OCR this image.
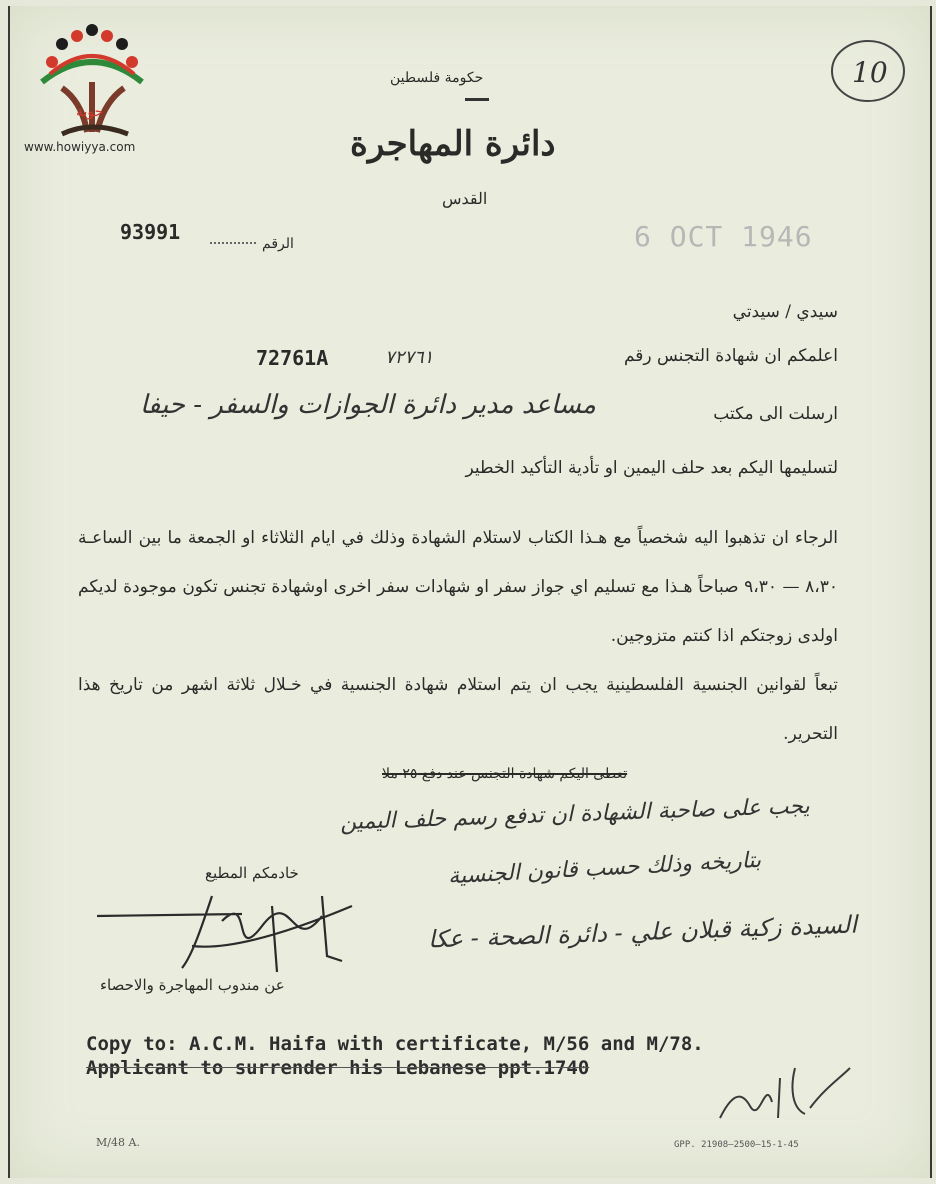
حوية
www.howiyya.com
حكومة فلسطين
دائرة المهاجرة
القدس
93991	الرقم	6 OCT 1946
10
سيدي / سيدتي
اعلمكم ان شهادة التجنس رقم
72761A	٧٢٧٦١
ارسلت الى مكتب
مساعد مدير دائرة الجوازات والسفر - حيفا
لتسليمها اليكم بعد حلف اليمين او تأدية التأكيد الخطير
الرجاء ان تذهبوا اليه شخصياً مع هـذا الكتاب لاستلام الشهادة وذلك في ايام الثلاثاء او الجمعة ما بين الساعـة ٨،٣٠ — ٩،٣٠ صباحاً هـذا مع تسليم اي جواز سفر او شهادات سفر اخرى اوشهادة تجنس تكون موجودة لديكم اولدى زوجتكم اذا كنتم متزوجين.
تبعاً لقوانين الجنسية الفلسطينية يجب ان يتم استلام شهادة الجنسية في خـلال ثلاثة اشهر من تاريخ هذا التحرير.
تعطى اليكم شهادة التجنس عند دفع ٢٥ ملا
يجب على صاحبة الشهادة ان تدفع رسم حلف اليمين
بتاريخه وذلك حسب قانون الجنسية
السيدة زكية قبلان علي - دائرة الصحة - عكا
خادمكم المطيع
عن مندوب المهاجرة والاحصاء
Copy to: A.C.M. Haifa with certificate, M/56 and M/78.
Applicant to surrender his Lebanese ppt.1740
M/48 A.	GPP. 21908—2500—15-1-45
